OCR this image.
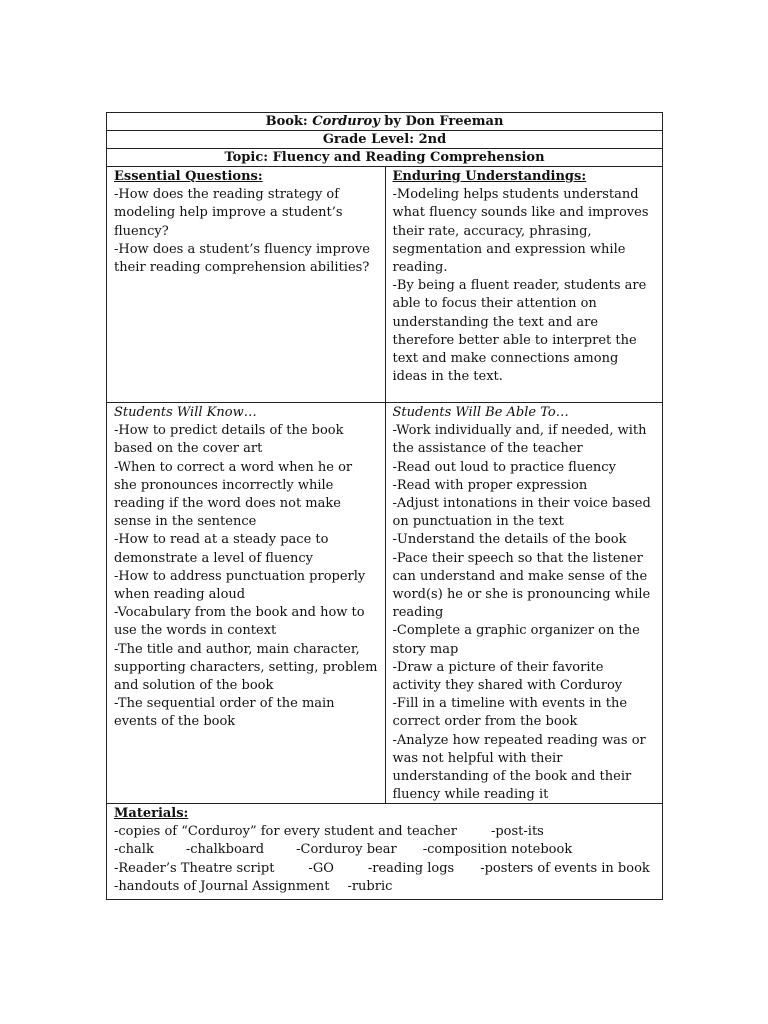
Book: Corduroy by Don Freeman
Grade Level: 2nd
Topic: Fluency and Reading Comprehension
Essential Questions:
-How does the reading strategy of modeling help improve a student’s fluency?
-How does a student’s fluency improve their reading comprehension abilities?
Enduring Understandings:
-Modeling helps students understand what fluency sounds like and improves their rate, accuracy, phrasing, segmentation and expression while reading.
-By being a fluent reader, students are able to focus their attention on understanding the text and are therefore better able to interpret the text and make connections among ideas in the text.
Students Will Know…
-How to predict details of the book based on the cover art
-When to correct a word when he or she pronounces incorrectly while reading if the word does not make sense in the sentence
-How to read at a steady pace to demonstrate a level of fluency
-How to address punctuation properly when reading aloud
-Vocabulary from the book and how to use the words in context
-The title and author, main character, supporting characters, setting, problem and solution of the book
-The sequential order of the main events of the book
Students Will Be Able To…
-Work individually and, if needed, with the assistance of the teacher
-Read out loud to practice fluency
-Read with proper expression
-Adjust intonations in their voice based on punctuation in the text
-Understand the details of the book
-Pace their speech so that the listener can understand and make sense of the word(s) he or she is pronouncing while reading
-Complete a graphic organizer on the story map
-Draw a picture of their favorite activity they shared with Corduroy
-Fill in a timeline with events in the correct order from the book
-Analyze how repeated reading was or was not helpful with their understanding of the book and their fluency while reading it
Materials:
-copies of “Corduroy” for every student and teacher	-post-its
-chalk -chalkboard -Corduroy bear -composition notebook
-Reader’s Theatre script	-GO	-reading logs -posters of events in book
-handouts of Journal Assignment -rubric
